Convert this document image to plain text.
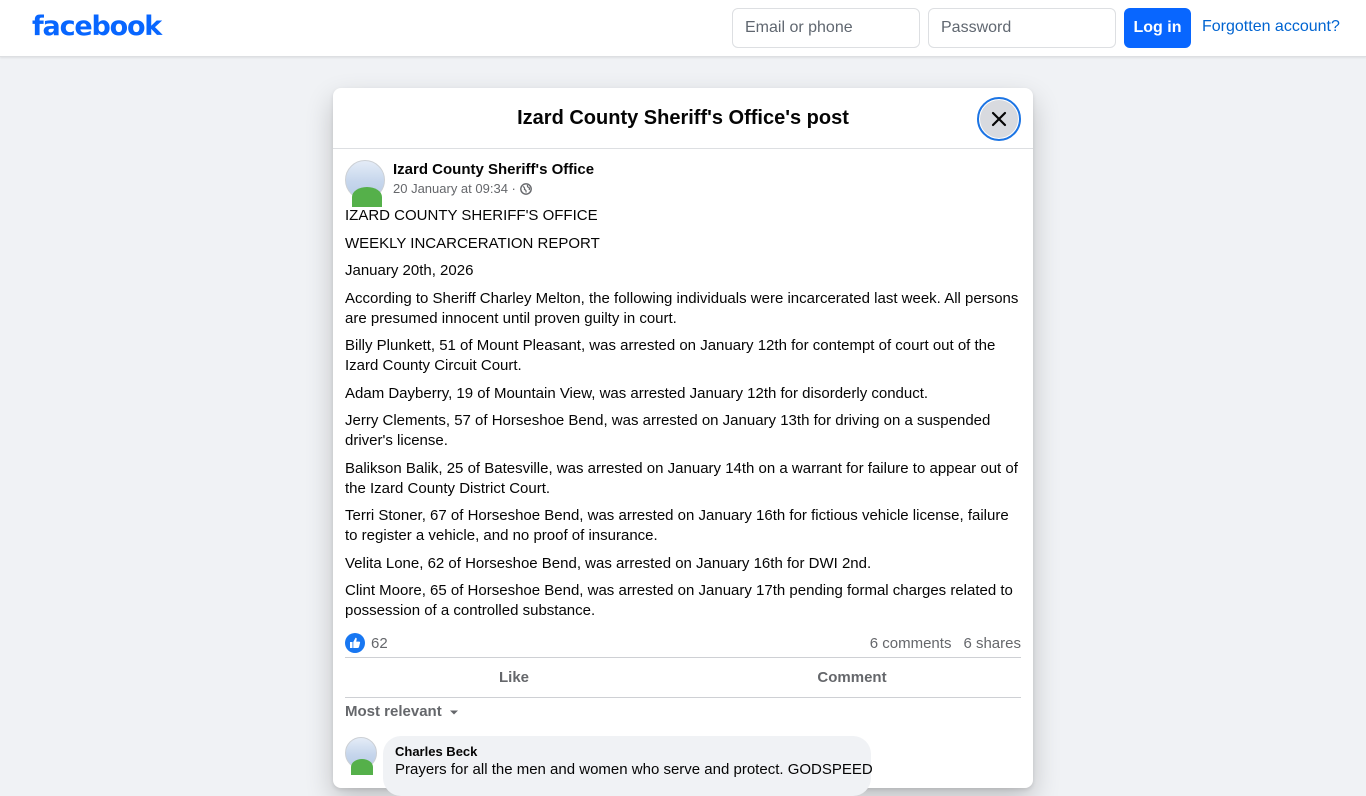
facebook
Email or phone	Log in	Forgotten account?
Izard County Sheriff's Office's post
Izard County Sheriff's Office
20 January at 09:34 ·

IZARD COUNTY SHERIFF'S OFFICE

WEEKLY INCARCERATION REPORT

January 20th, 2026

According to Sheriff Charley Melton, the following individuals were incarcerated last week. All persons are presumed innocent until proven guilty in court.

Billy Plunkett, 51 of Mount Pleasant, was arrested on January 12th for contempt of court out of the Izard County Circuit Court.

Adam Dayberry, 19 of Mountain View, was arrested January 12th for disorderly conduct.

Jerry Clements, 57 of Horseshoe Bend, was arrested on January 13th for driving on a suspended driver's license.

Balikson Balik, 25 of Batesville, was arrested on January 14th on a warrant for failure to appear out of the Izard County District Court.

Terri Stoner, 67 of Horseshoe Bend, was arrested on January 16th for fictious vehicle license, failure to register a vehicle, and no proof of insurance.

Velita Lone, 62 of Horseshoe Bend, was arrested on January 16th for DWI 2nd.

Clint Moore, 65 of Horseshoe Bend, was arrested on January 17th pending formal charges related to possession of a controlled substance.

62	6 comments 6 shares
Like	Comment
Most relevant
Charles Beck
Prayers for all the men and women who serve and protect. GODSPEED
